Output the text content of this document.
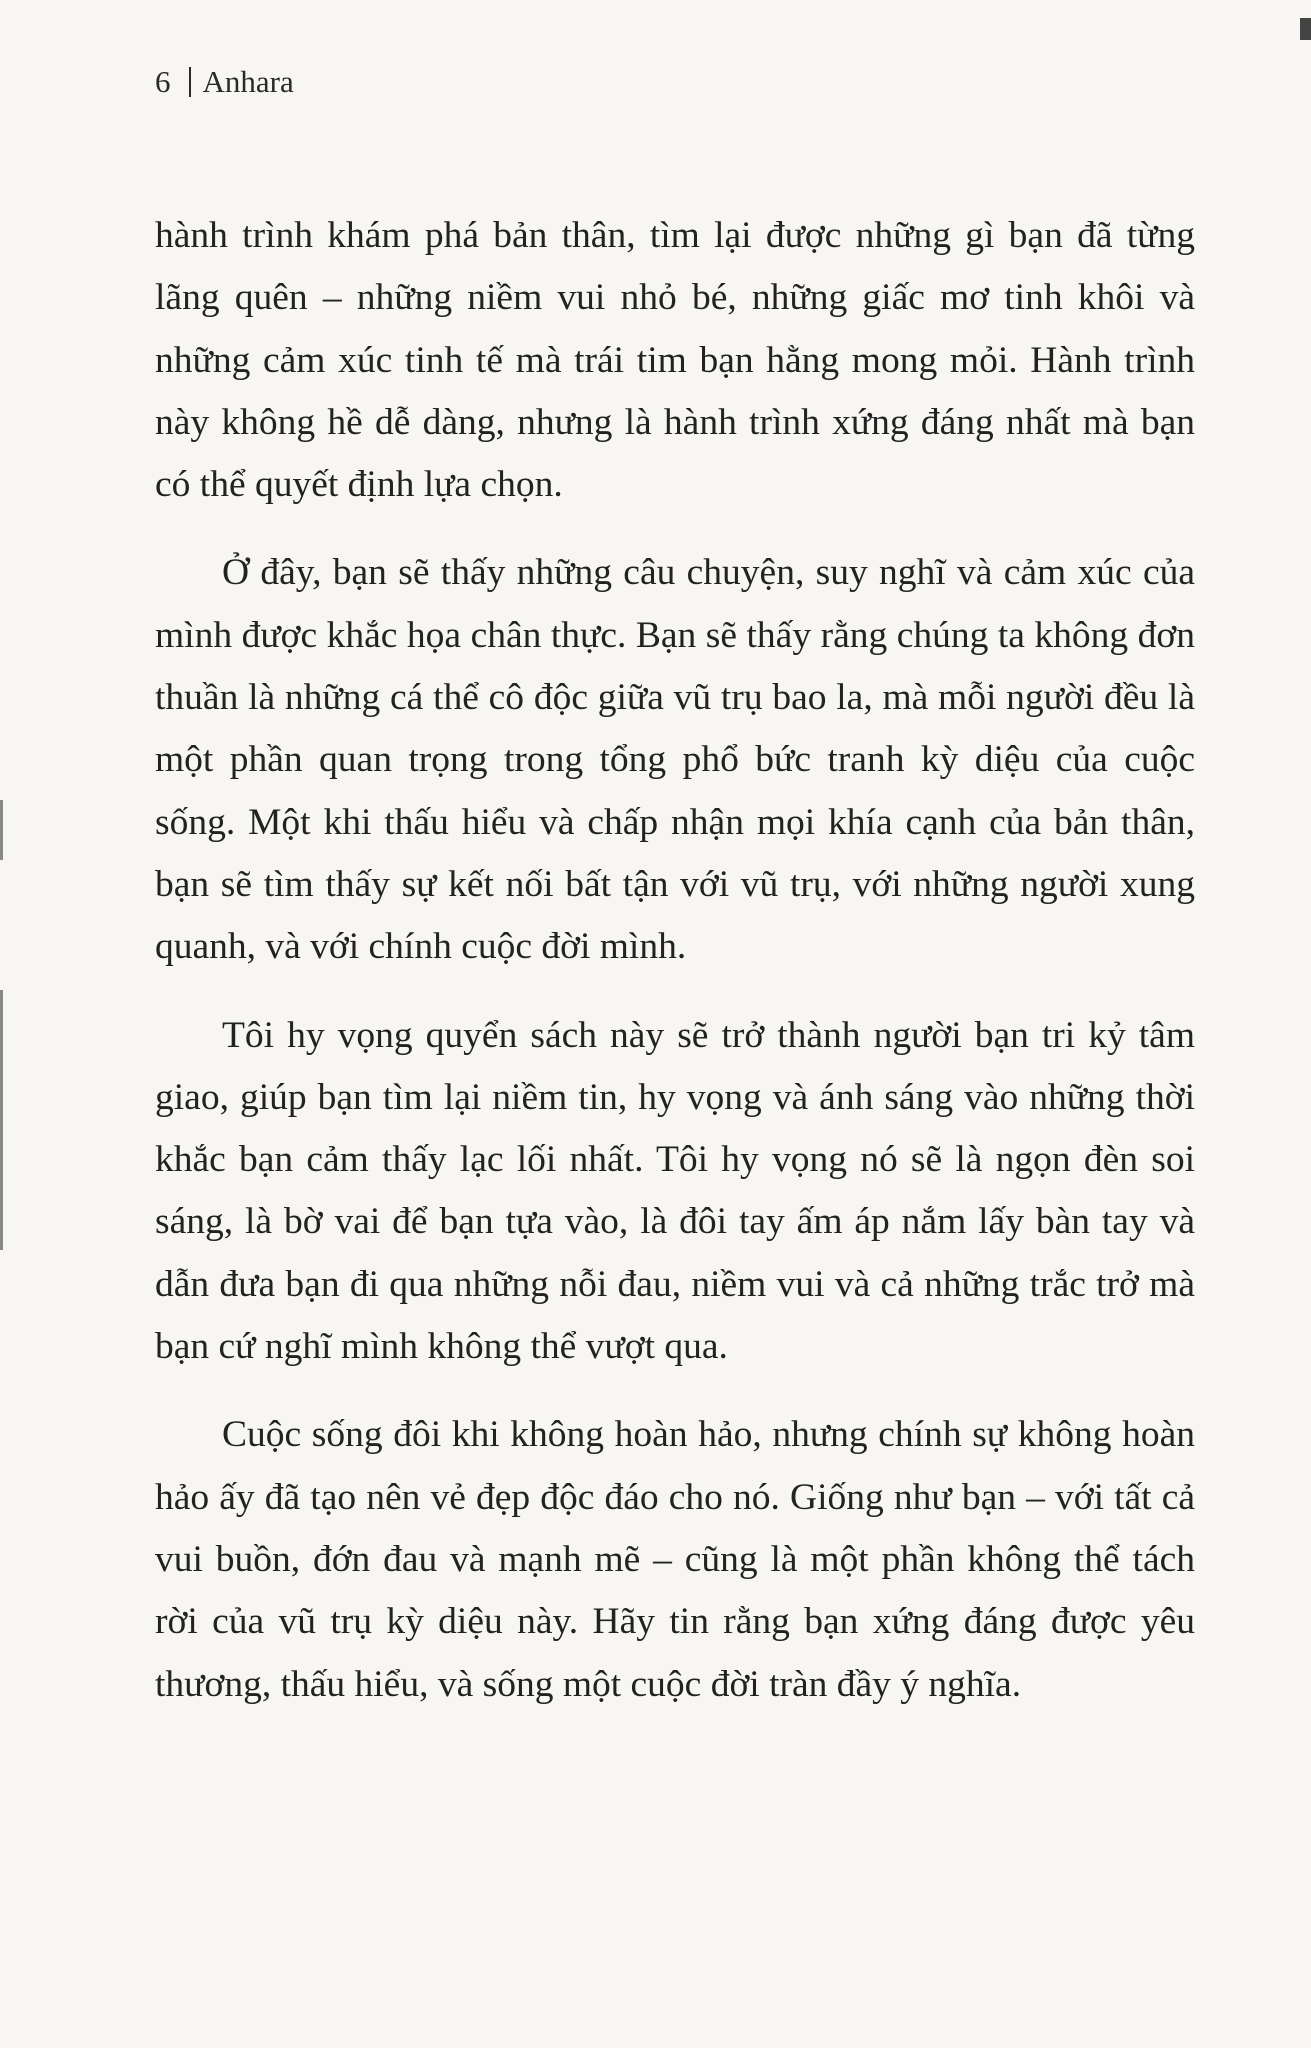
6 Anhara

hành trình khám phá bản thân, tìm lại được những gì bạn đã từng lãng quên – những niềm vui nhỏ bé, những giấc mơ tinh khôi và những cảm xúc tinh tế mà trái tim bạn hằng mong mỏi. Hành trình này không hề dễ dàng, nhưng là hành trình xứng đáng nhất mà bạn có thể quyết định lựa chọn.

Ở đây, bạn sẽ thấy những câu chuyện, suy nghĩ và cảm xúc của mình được khắc họa chân thực. Bạn sẽ thấy rằng chúng ta không đơn thuần là những cá thể cô độc giữa vũ trụ bao la, mà mỗi người đều là một phần quan trọng trong tổng phổ bức tranh kỳ diệu của cuộc sống. Một khi thấu hiểu và chấp nhận mọi khía cạnh của bản thân, bạn sẽ tìm thấy sự kết nối bất tận với vũ trụ, với những người xung quanh, và với chính cuộc đời mình.

Tôi hy vọng quyển sách này sẽ trở thành người bạn tri kỷ tâm giao, giúp bạn tìm lại niềm tin, hy vọng và ánh sáng vào những thời khắc bạn cảm thấy lạc lối nhất. Tôi hy vọng nó sẽ là ngọn đèn soi sáng, là bờ vai để bạn tựa vào, là đôi tay ấm áp nắm lấy bàn tay và dẫn đưa bạn đi qua những nỗi đau, niềm vui và cả những trắc trở mà bạn cứ nghĩ mình không thể vượt qua.

Cuộc sống đôi khi không hoàn hảo, nhưng chính sự không hoàn hảo ấy đã tạo nên vẻ đẹp độc đáo cho nó. Giống như bạn – với tất cả vui buồn, đớn đau và mạnh mẽ – cũng là một phần không thể tách rời của vũ trụ kỳ diệu này. Hãy tin rằng bạn xứng đáng được yêu thương, thấu hiểu, và sống một cuộc đời tràn đầy ý nghĩa.
